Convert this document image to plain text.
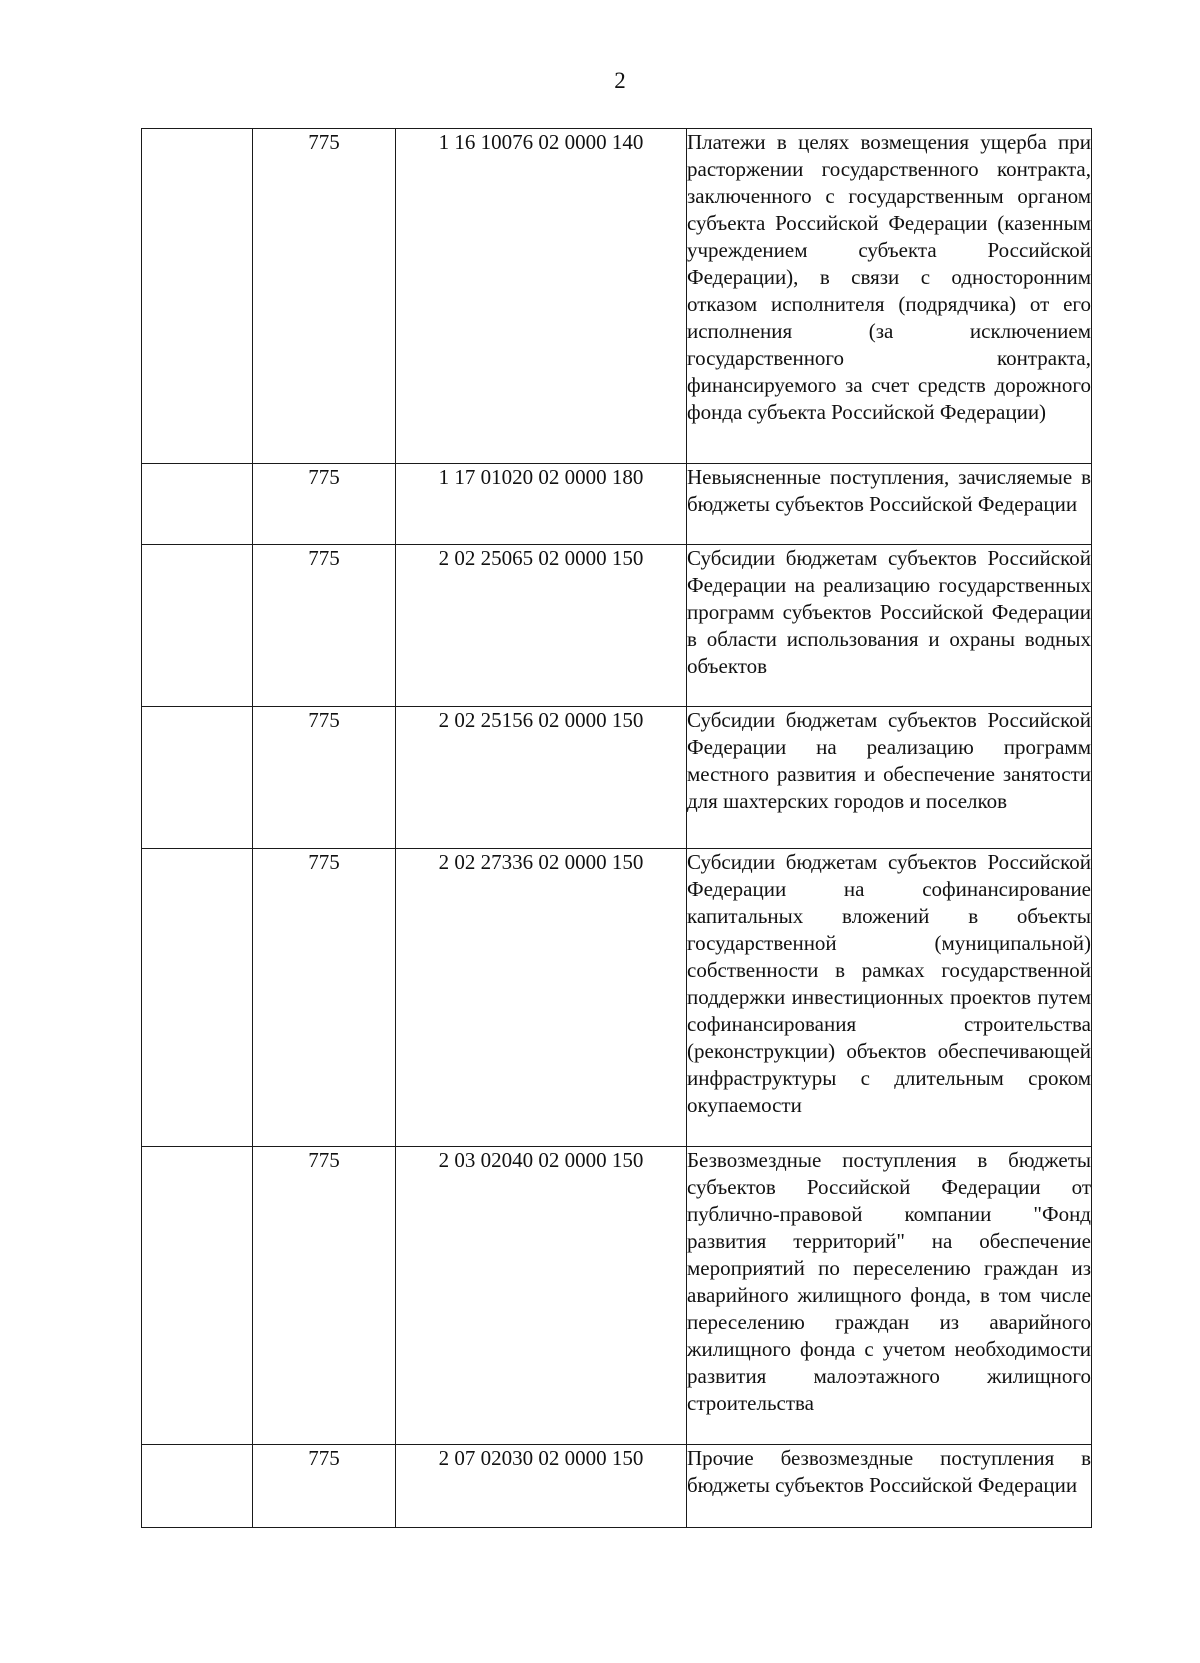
2
	775	1 16 10076 02 0000 140	Платежи в целях возмещения ущерба при расторжении государственного контракта, заключенного с государственным органом субъекта Российской Федерации (казенным учреждением субъекта Российской Федерации), в связи с односторонним отказом исполнителя (подрядчика) от его исполнения (за исключением государственного контракта, финансируемого за счет средств дорожного фонда субъекта Российской Федерации)
	775	1 17 01020 02 0000 180	Невыясненные поступления, зачисляемые в бюджеты субъектов Российской Федерации
	775	2 02 25065 02 0000 150	Субсидии бюджетам субъектов Российской Федерации на реализацию государственных программ субъектов Российской Федерации в области использования и охраны водных объектов
	775	2 02 25156 02 0000 150	Субсидии бюджетам субъектов Российской Федерации на реализацию программ местного развития и обеспечение занятости для шахтерских городов и поселков
	775	2 02 27336 02 0000 150	Субсидии бюджетам субъектов Российской Федерации на софинансирование капитальных вложений в объекты государственной (муниципальной) собственности в рамках государственной поддержки инвестиционных проектов путем софинансирования строительства (реконструкции) объектов обеспечивающей инфраструктуры с длительным сроком окупаемости
	775	2 03 02040 02 0000 150	Безвозмездные поступления в бюджеты субъектов Российской Федерации от публично-правовой компании "Фонд развития территорий" на обеспечение мероприятий по переселению граждан из аварийного жилищного фонда, в том числе переселению граждан из аварийного жилищного фонда с учетом необходимости развития малоэтажного жилищного строительства
	775	2 07 02030 02 0000 150	Прочие безвозмездные поступления в бюджеты субъектов Российской Федерации
